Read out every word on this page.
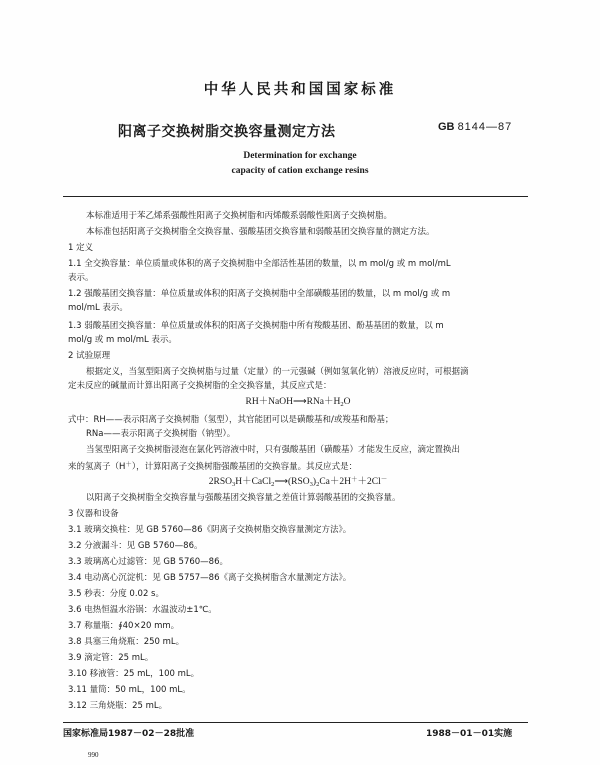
中华人民共和国国家标准
阳离子交换树脂交换容量测定方法	GB 8144—87
Determination for exchange
capacity of cation exchange resins
本标准适用于苯乙烯系强酸性阳离子交换树脂和丙烯酸系弱酸性阳离子交换树脂。
本标准包括阳离子交换树脂全交换容量、强酸基团交换容量和弱酸基团交换容量的测定方法。
1 定义
1.1 全交换容量：单位质量或体积的离子交换树脂中全部活性基团的数量，以 m mol/g 或 m mol/mL
表示。
1.2 强酸基团交换容量：单位质量或体积的阳离子交换树脂中全部磺酸基团的数量，以 m mol/g 或 m
mol/mL 表示。
1.3 弱酸基团交换容量：单位质量或体积的阳离子交换树脂中所有羧酸基团、酚基基团的数量，以 m
mol/g 或 m mol/mL 表示。
2 试验原理
根据定义，当氢型阳离子交换树脂与过量（定量）的一元强碱（例如氢氧化钠）溶液反应时，可根据滴
定未反应的碱量而计算出阳离子交换树脂的全交换容量，其反应式是：
$RH+NaOH⟶RNa+H_2O$
式中：RH——表示阳离子交换树脂（氢型），其官能团可以是磺酸基和/或羧基和酚基；
RNa——表示阳离子交换树脂（钠型）。
当氢型阳离子交换树脂浸泡在氯化钙溶液中时，只有强酸基团（磺酸基）才能发生反应，滴定置换出
来的氢离子（H＋），计算阳离子交换树脂强酸基团的交换容量。其反应式是：
$2RSO_3H+CaCl_2⟶(RSO_3)_2Ca+2H^++2Cl^-$
以阳离子交换树脂全交换容量与强酸基团交换容量之差值计算弱酸基团的交换容量。
3 仪器和设备
3.1 玻璃交换柱：见 GB 5760—86《阴离子交换树脂交换容量测定方法》。
3.2 分液漏斗：见 GB 5760—86。
3.3 玻璃离心过滤管：见 GB 5760—86。
3.4 电动离心沉淀机：见 GB 5757—86《离子交换树脂含水量测定方法》。
3.5 秒表：分度 0.02 s。
3.6 电热恒温水浴锅：水温波动±1℃。
3.7 称量瓶：∮40×20 mm。
3.8 具塞三角烧瓶：250 mL。
3.9 滴定管：25 mL。
3.10 移液管：25 mL，100 mL。
3.11 量筒：50 mL，100 mL。
3.12 三角烧瓶：25 mL。
国家标准局1987－02－28批准	1988－01－01实施
990
